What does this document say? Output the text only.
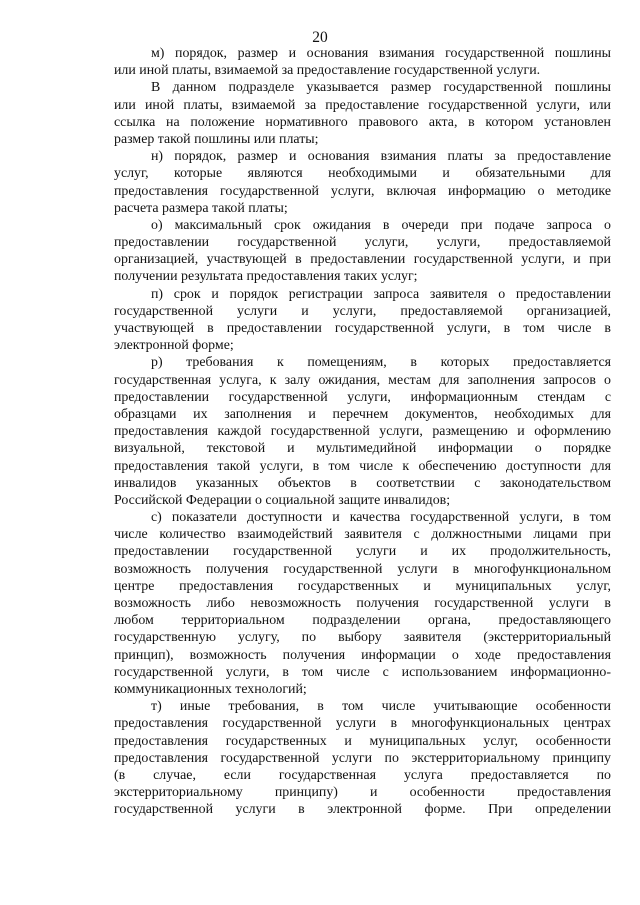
20
м) порядок, размер и основания взимания государственной пошлины
или иной платы, взимаемой за предоставление государственной услуги.
В данном подразделе указывается размер государственной пошлины
или иной платы, взимаемой за предоставление государственной услуги, или
ссылка на положение нормативного правового акта, в котором установлен
размер такой пошлины или платы;
н) порядок, размер и основания взимания платы за предоставление
услуг, которые являются необходимыми и обязательными для
предоставления государственной услуги, включая информацию о методике
расчета размера такой платы;
о) максимальный срок ожидания в очереди при подаче запроса о
предоставлении государственной услуги, услуги, предоставляемой
организацией, участвующей в предоставлении государственной услуги, и при
получении результата предоставления таких услуг;
п) срок и порядок регистрации запроса заявителя о предоставлении
государственной услуги и услуги, предоставляемой организацией,
участвующей в предоставлении государственной услуги, в том числе в
электронной форме;
р) требования к помещениям, в которых предоставляется
государственная услуга, к залу ожидания, местам для заполнения запросов о
предоставлении государственной услуги, информационным стендам с
образцами их заполнения и перечнем документов, необходимых для
предоставления каждой государственной услуги, размещению и оформлению
визуальной, текстовой и мультимедийной информации о порядке
предоставления такой услуги, в том числе к обеспечению доступности для
инвалидов указанных объектов в соответствии с законодательством
Российской Федерации о социальной защите инвалидов;
с) показатели доступности и качества государственной услуги, в том
числе количество взаимодействий заявителя с должностными лицами при
предоставлении государственной услуги и их продолжительность,
возможность получения государственной услуги в многофункциональном
центре предоставления государственных и муниципальных услуг,
возможность либо невозможность получения государственной услуги в
любом территориальном подразделении органа, предоставляющего
государственную услугу, по выбору заявителя (экстерриториальный
принцип), возможность получения информации о ходе предоставления
государственной услуги, в том числе с использованием информационно-
коммуникационных технологий;
т) иные требования, в том числе учитывающие особенности
предоставления государственной услуги в многофункциональных центрах
предоставления государственных и муниципальных услуг, особенности
предоставления государственной услуги по экстерриториальному принципу
(в случае, если государственная услуга предоставляется по
экстерриториальному принципу) и особенности предоставления
государственной услуги в электронной форме. При определении
